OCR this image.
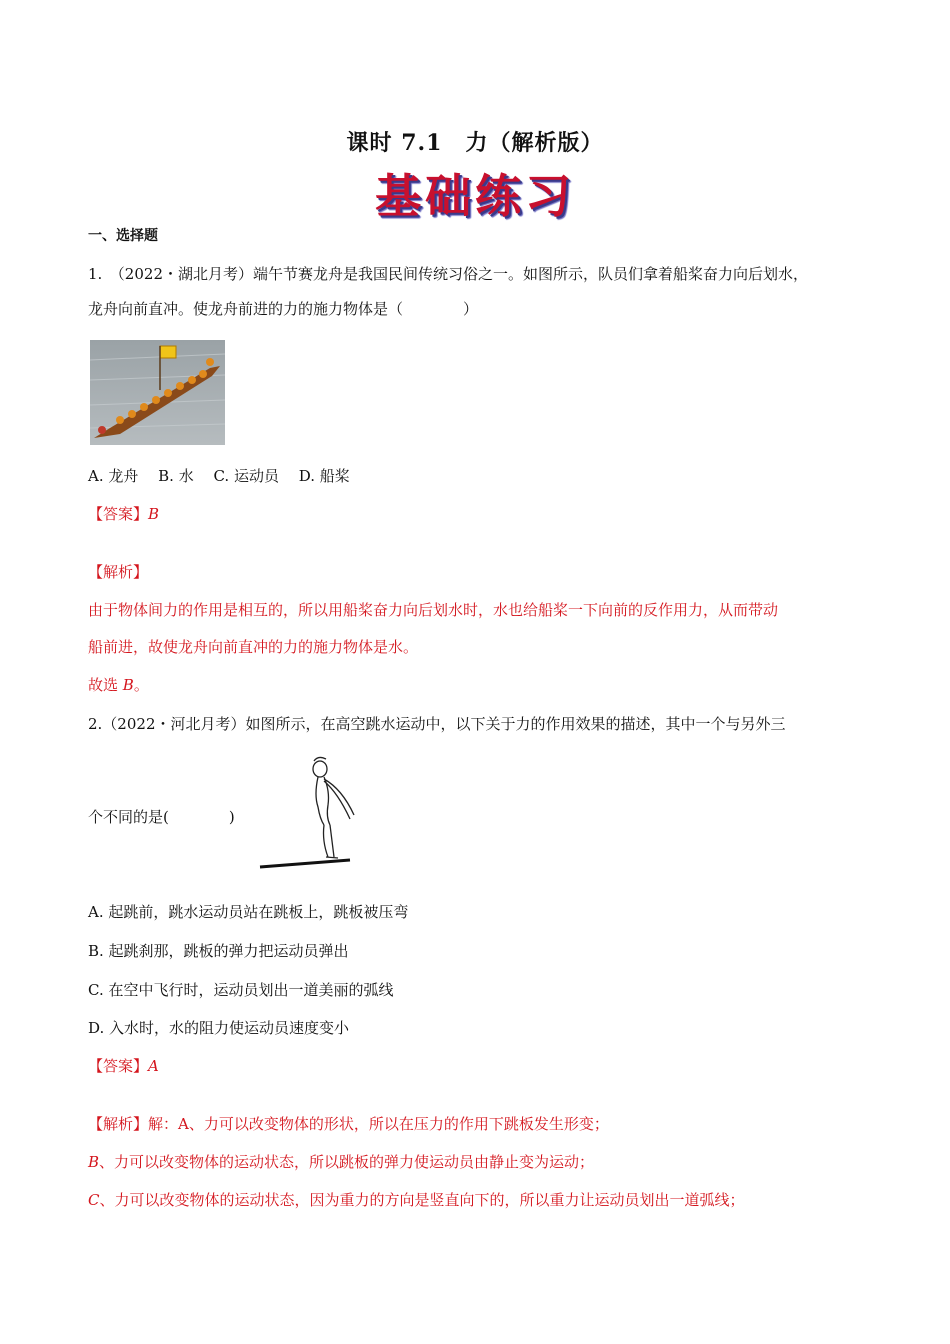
课时 7.1　力（解析版）
基础练习
一、选择题
1.　（2022・湖北月考）端午节赛龙舟是我国民间传统习俗之一。如图所示，队员们拿着船桨奋力向后划水，
龙舟向前直冲。使龙舟前进的力的施力物体是（　　　　）
A. 龙舟　 B. 水　 C. 运动员　 D. 船桨
【答案】B
【解析】
由于物体间力的作用是相互的，所以用船桨奋力向后划水时，水也给船桨一下向前的反作用力，从而带动
船前进，故使龙舟向前直冲的力的施力物体是水。
故选 B。
2.（2022・河北月考）如图所示，在高空跳水运动中，以下关于力的作用效果的描述，其中一个与另外三
个不同的是(　　　　)
A. 起跳前，跳水运动员站在跳板上，跳板被压弯
B. 起跳刹那，跳板的弹力把运动员弹出
C. 在空中飞行时，运动员划出一道美丽的弧线
D. 入水时，水的阻力使运动员速度变小
【答案】A
【解析】解：A、力可以改变物体的形状，所以在压力的作用下跳板发生形变；
B、力可以改变物体的运动状态，所以跳板的弹力使运动员由静止变为运动；
C、力可以改变物体的运动状态，因为重力的方向是竖直向下的，所以重力让运动员划出一道弧线；
